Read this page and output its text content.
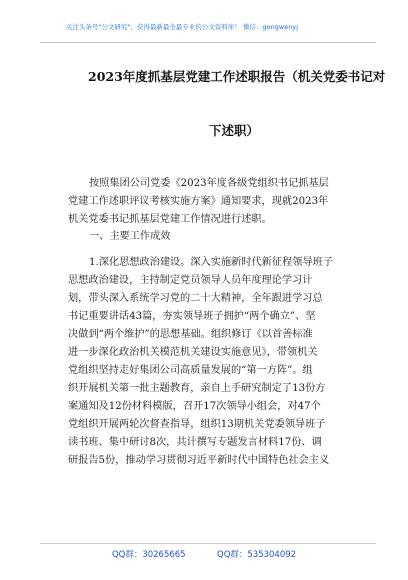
关注头条号"公文研究"，获得最新最全最专业的公文资料库！ 微信：gongwenyj
2023年度抓基层党建工作述职报告（机关党委书记对
下述职）
按照集团公司党委《2023年度各级党组织书记抓基层
党建工作述职评议考核实施方案》通知要求，现就2023年
机关党委书记抓基层党建工作情况进行述职。
一、主要工作成效
1.深化思想政治建设。深入实施新时代新征程领导班子
思想政治建设，主持制定党员领导人员年度理论学习计
划，带头深入系统学习党的二十大精神，全年跟进学习总
书记重要讲话43篇，夯实领导班子拥护“两个确立”、坚
决做到“两个维护”的思想基础。组织修订《以首善标准
进一步深化政治机关模范机关建设实施意见》，带领机关
党组织坚持走好集团公司高质量发展的“第一方阵”。组
织开展机关第一批主题教育，亲自上手研究制定了13份方
案通知及12份材料模版，召开17次领导小组会，对47个
党组织开展两轮次督查指导，组织13期机关党委领导班子
读书班、集中研讨8次，共计撰写专题发言材料17份、调
研报告5份，推动学习贯彻习近平新时代中国特色社会主义
QQ群：30265665	QQ群：535304092
